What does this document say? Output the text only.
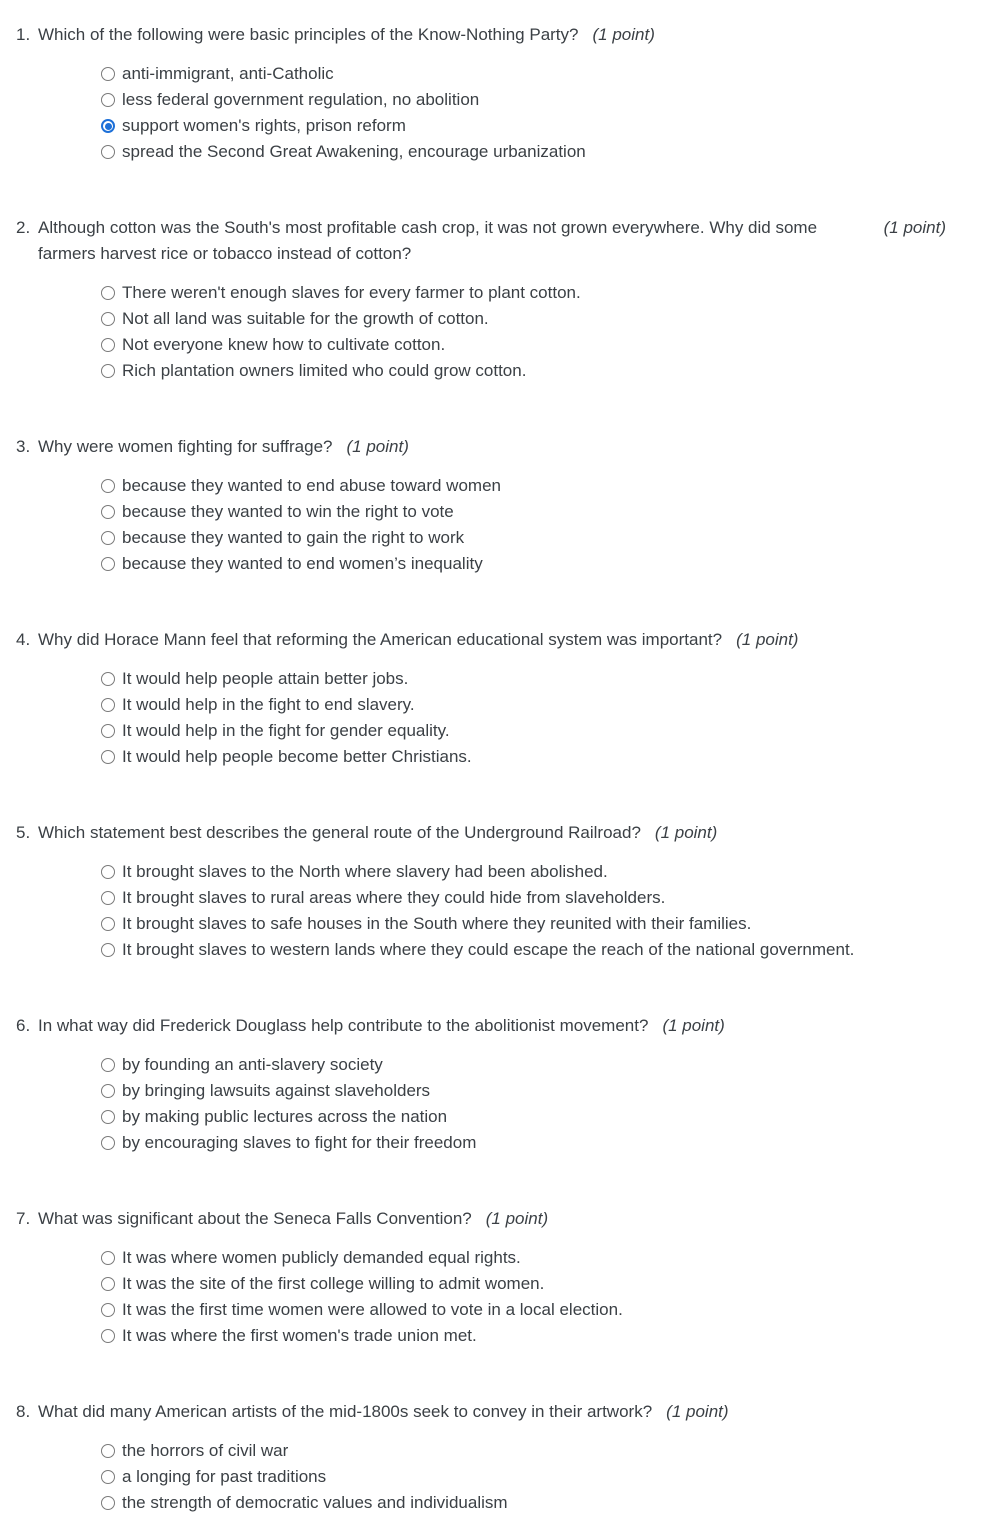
1. Which of the following were basic principles of the Know-Nothing Party? (1 point)
anti-immigrant, anti-Catholic
less federal government regulation, no abolition
support women's rights, prison reform
spread the Second Great Awakening, encourage urbanization
2. Although cotton was the South's most profitable cash crop, it was not grown everywhere. Why did some farmers harvest rice or tobacco instead of cotton?
(1 point)
There weren't enough slaves for every farmer to plant cotton.
Not all land was suitable for the growth of cotton.
Not everyone knew how to cultivate cotton.
Rich plantation owners limited who could grow cotton.
3. Why were women fighting for suffrage? (1 point)
because they wanted to end abuse toward women
because they wanted to win the right to vote
because they wanted to gain the right to work
because they wanted to end women’s inequality
4. Why did Horace Mann feel that reforming the American educational system was important? (1 point)
It would help people attain better jobs.
It would help in the fight to end slavery.
It would help in the fight for gender equality.
It would help people become better Christians.
5. Which statement best describes the general route of the Underground Railroad? (1 point)
It brought slaves to the North where slavery had been abolished.
It brought slaves to rural areas where they could hide from slaveholders.
It brought slaves to safe houses in the South where they reunited with their families.
It brought slaves to western lands where they could escape the reach of the national government.
6. In what way did Frederick Douglass help contribute to the abolitionist movement? (1 point)
by founding an anti-slavery society
by bringing lawsuits against slaveholders
by making public lectures across the nation
by encouraging slaves to fight for their freedom
7. What was significant about the Seneca Falls Convention? (1 point)
It was where women publicly demanded equal rights.
It was the site of the first college willing to admit women.
It was the first time women were allowed to vote in a local election.
It was where the first women's trade union met.
8. What did many American artists of the mid-1800s seek to convey in their artwork? (1 point)
the horrors of civil war
a longing for past traditions
the strength of democratic values and individualism
